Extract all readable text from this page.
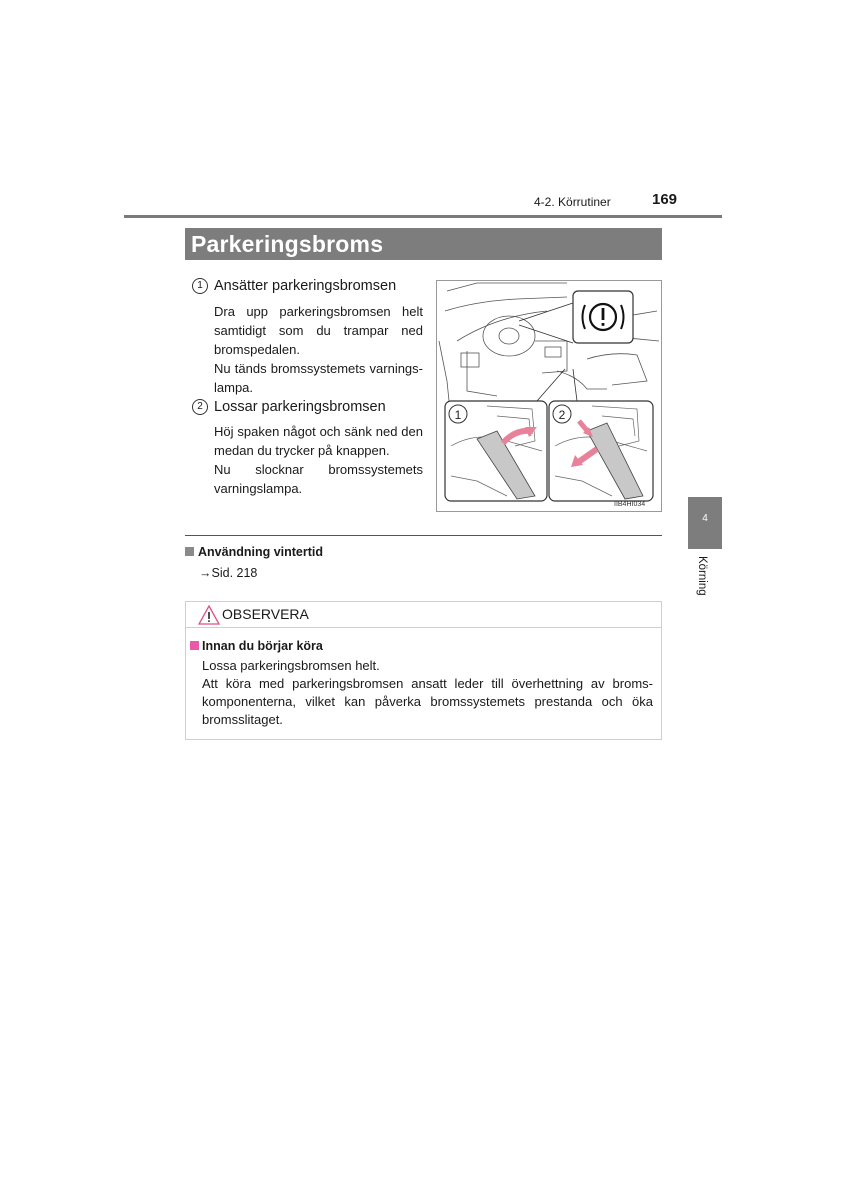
4-2. Körrutiner	169
Parkeringsbroms
1 Ansätter parkeringsbromsen

Dra upp parkeringsbromsen helt samtidigt som du trampar ned bromspedalen.

Nu tänds bromssystemets varnings-lampa.

2 Lossar parkeringsbromsen

Höj spaken något och sänk ned den medan du trycker på knappen.

Nu slocknar bromssystemets varningslampa.

1	2
IIB4HI034
Användning vintertid
→Sid. 218
OBSERVERA
Innan du börjar köra

Lossa parkeringsbromsen helt.

Att köra med parkeringsbromsen ansatt leder till överhettning av broms-komponenterna, vilket kan påverka bromssystemets prestanda och öka bromsslitaget.

4
Körning
